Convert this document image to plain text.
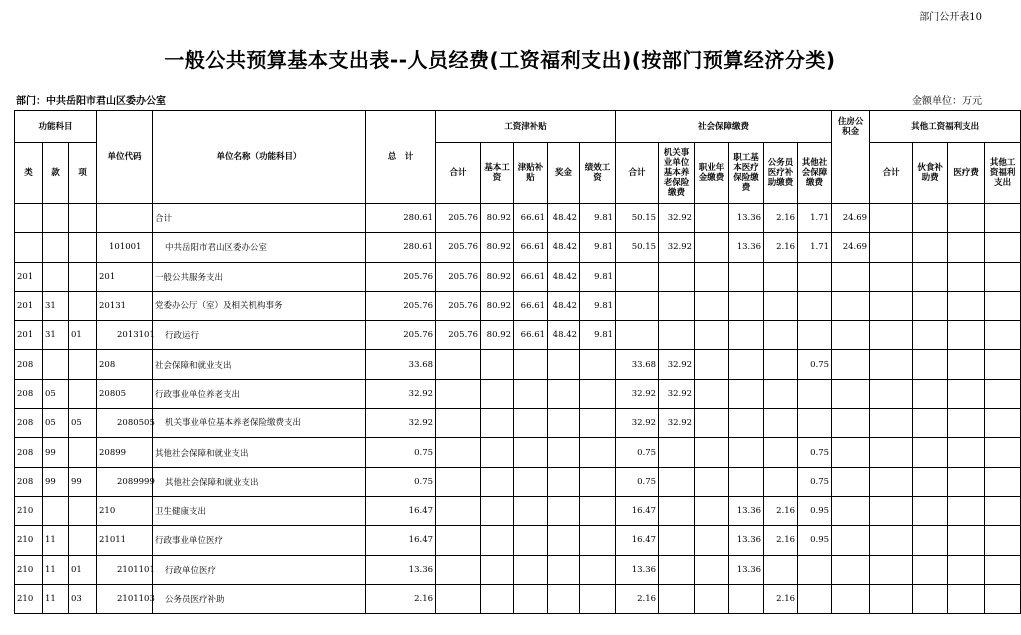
部门公开表10
一般公共预算基本支出表--人员经费(工资福利支出)(按部门预算经济分类)
部门：中共岳阳市君山区委办公室	金额单位：万元
功能科目			单位代码	单位名称（功能科目）	总　计	工资津补贴					社会保障缴费						住房公积金	其他工资福利支出			
类	款	项				合计	基本工资	津贴补贴	奖金	绩效工资	合计	机关事业单位基本养老保险缴费	职业年金缴费	职工基本医疗保险缴费	公务员医疗补助缴费	其他社会保障缴费		合计	伙食补助费	医疗费	其他工资福利支出
				合计	280.61	205.76	80.92	66.61	48.42	9.81	50.15	32.92		13.36	2.16	1.71	24.69				
			101001	中共岳阳市君山区委办公室	280.61	205.76	80.92	66.61	48.42	9.81	50.15	32.92		13.36	2.16	1.71	24.69				
201			201	一般公共服务支出	205.76	205.76	80.92	66.61	48.42	9.81											
201	31		20131	党委办公厅（室）及相关机构事务	205.76	205.76	80.92	66.61	48.42	9.81											
201	31	01	2013101	行政运行	205.76	205.76	80.92	66.61	48.42	9.81											
208			208	社会保障和就业支出	33.68						33.68	32.92				0.75					
208	05		20805	行政事业单位养老支出	32.92						32.92	32.92									
208	05	05	2080505	机关事业单位基本养老保险缴费支出	32.92						32.92	32.92									
208	99		20899	其他社会保障和就业支出	0.75						0.75					0.75					
208	99	99	2089999	其他社会保障和就业支出	0.75						0.75					0.75					
210			210	卫生健康支出	16.47						16.47			13.36	2.16	0.95					
210	11		21011	行政事业单位医疗	16.47						16.47			13.36	2.16	0.95					
210	11	01	2101101	行政单位医疗	13.36						13.36			13.36							
210	11	03	2101103	公务员医疗补助	2.16						2.16				2.16						
